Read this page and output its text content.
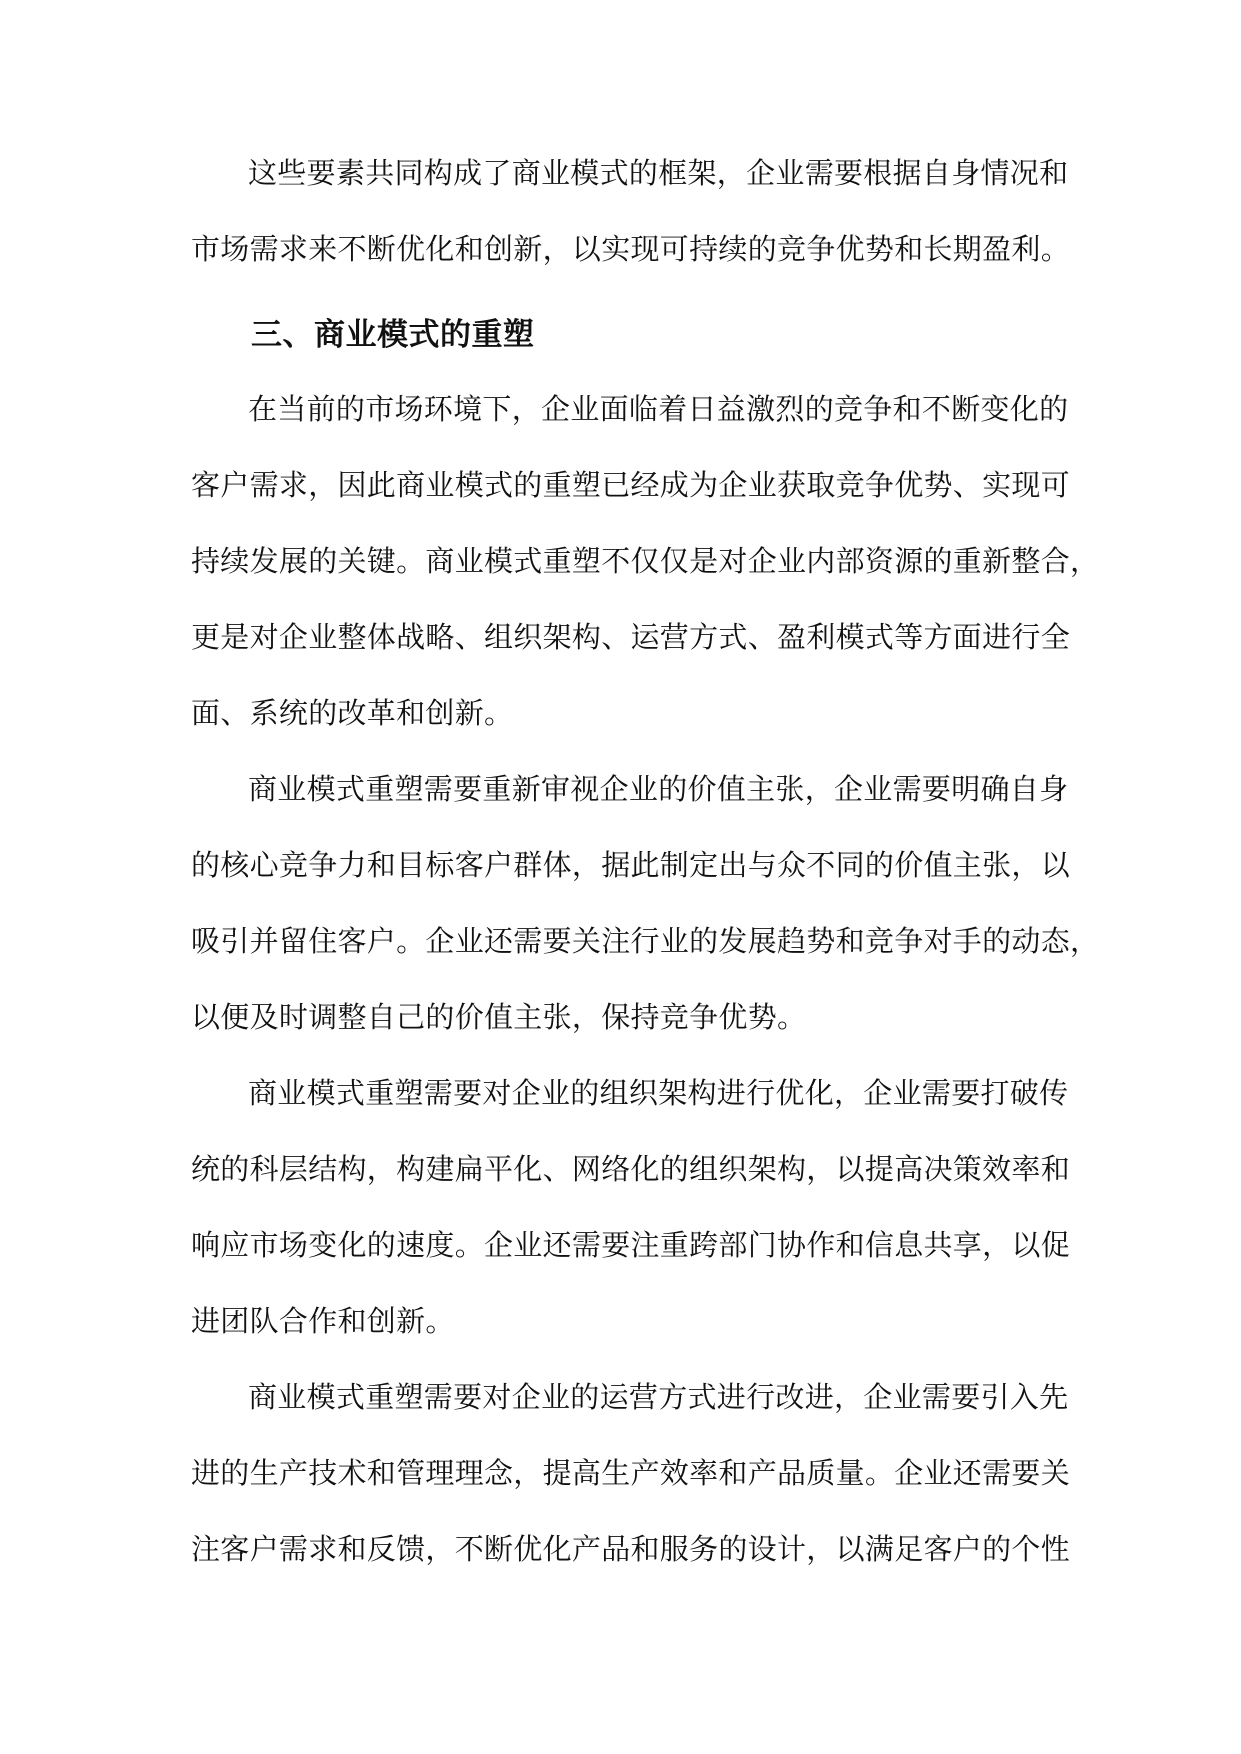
这些要素共同构成了商业模式的框架，企业需要根据自身情况和
市场需求来不断优化和创新，以实现可持续的竞争优势和长期盈利。
三、商业模式的重塑
在当前的市场环境下，企业面临着日益激烈的竞争和不断变化的
客户需求，因此商业模式的重塑已经成为企业获取竞争优势、实现可
持续发展的关键。商业模式重塑不仅仅是对企业内部资源的重新整合，
更是对企业整体战略、组织架构、运营方式、盈利模式等方面进行全
面、系统的改革和创新。
商业模式重塑需要重新审视企业的价值主张，企业需要明确自身
的核心竞争力和目标客户群体，据此制定出与众不同的价值主张，以
吸引并留住客户。企业还需要关注行业的发展趋势和竞争对手的动态，
以便及时调整自己的价值主张，保持竞争优势。
商业模式重塑需要对企业的组织架构进行优化，企业需要打破传
统的科层结构，构建扁平化、网络化的组织架构，以提高决策效率和
响应市场变化的速度。企业还需要注重跨部门协作和信息共享，以促
进团队合作和创新。
商业模式重塑需要对企业的运营方式进行改进，企业需要引入先
进的生产技术和管理理念，提高生产效率和产品质量。企业还需要关
注客户需求和反馈，不断优化产品和服务的设计，以满足客户的个性
